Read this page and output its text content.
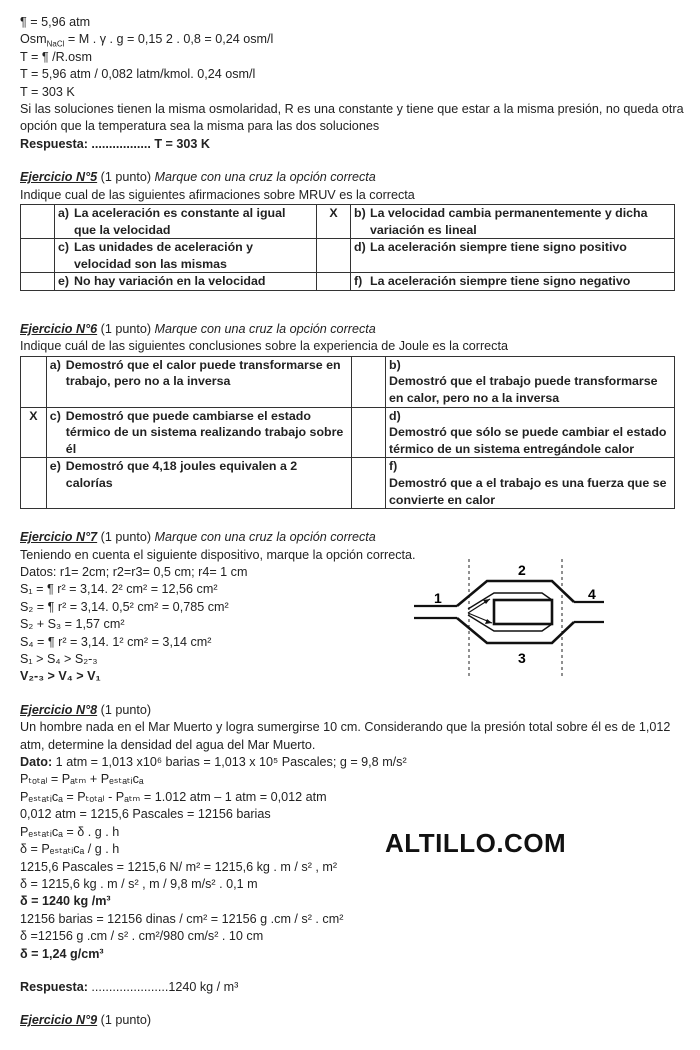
¶ = 5,96 atm
Osm$_{NaCl}$ = M . γ . g = 0,15 2 . 0,8 = 0,24 osm/l
T = ¶ /R.osm
T = 5,96 atm / 0,082 latm/kmol. 0,24 osm/l
T = 303 K
Si las soluciones tienen la misma osmolaridad, R es una constante y tiene que estar a la misma presión, no queda otra opción que la temperatura sea la misma para las dos soluciones
Respuesta: ................. T = 303 K
Ejercicio N°5 (1 punto) Marque con una cruz la opción correcta
Indique cual de las siguientes afirmaciones sobre MRUV es la correcta
	a) La aceleración es constante al igual que la velocidad	X	b) La velocidad cambia permanentemente y dicha variación es lineal
	c) Las unidades de aceleración y velocidad son las mismas		d) La aceleración siempre tiene signo positivo
	e) No hay variación en la velocidad		f) La aceleración siempre tiene signo negativo
Ejercicio N°6 (1 punto) Marque con una cruz la opción correcta
Indique cuál de las siguientes conclusiones sobre la experiencia de Joule es la correcta
	a) Demostró que el calor puede transformarse en trabajo, pero no a la inversa		b)Demostró que el trabajo puede transformarse en calor, pero no a la inversa
X	c) Demostró que puede cambiarse el estado térmico de un sistema realizando trabajo sobre él		d)Demostró que sólo se puede cambiar el estado térmico de un sistema entregándole calor
	e) Demostró que 4,18 joules equivalen a 2 calorías		f)Demostró que a el trabajo es una fuerza que se convierte en calor
Ejercicio N°7 (1 punto) Marque con una cruz la opción correcta
Teniendo en cuenta el siguiente dispositivo, marque la opción correcta.
Datos: r1= 2cm; r2=r3= 0,5 cm; r4= 1 cm
S₁ = ¶ r² = 3,14. 2² cm² = 12,56 cm²
S₂ = ¶ r² = 3,14. 0,5² cm² = 0,785 cm²
S₂ + S₃ = 1,57 cm²
S₄ = ¶ r² = 3,14. 1² cm² = 3,14 cm²
S₁ > S₄ > S₂-₃
V₂-₃ > V₄ > V₁
1
2
3
4
Ejercicio N°8 (1 punto)
Un hombre nada en el Mar Muerto y logra sumergirse 10 cm. Considerando que la presión total sobre él es de 1,012 atm, determine la densidad del agua del Mar Muerto.
Dato: 1 atm = 1,013 x10⁶ barias = 1,013 x 10⁵ Pascales; g = 9,8 m/s²
Pₜₒₜₐₗ = Pₐₜₘ + Pₑₛₜₐₜᵢcₐ
Pₑₛₜₐₜᵢcₐ = Pₜₒₜₐₗ - Pₐₜₘ = 1.012 atm – 1 atm = 0,012 atm
0,012 atm = 1215,6 Pascales = 12156 barias
Pₑₛₜₐₜᵢcₐ = δ . g . h
δ = Pₑₛₜₐₜᵢcₐ / g . h
1215,6 Pascales = 1215,6 N/ m² = 1215,6 kg . m / s² , m²
δ = 1215,6 kg . m / s² , m / 9,8 m/s² . 0,1 m
δ = 1240 kg /m³
12156 barias = 12156 dinas / cm² = 12156 g .cm / s² . cm²
δ =12156 g .cm / s² . cm²/980 cm/s² . 10 cm
δ = 1,24 g/cm³
Respuesta: ......................1240 kg / m³
Ejercicio N°9 (1 punto)
ALTILLO.COM
